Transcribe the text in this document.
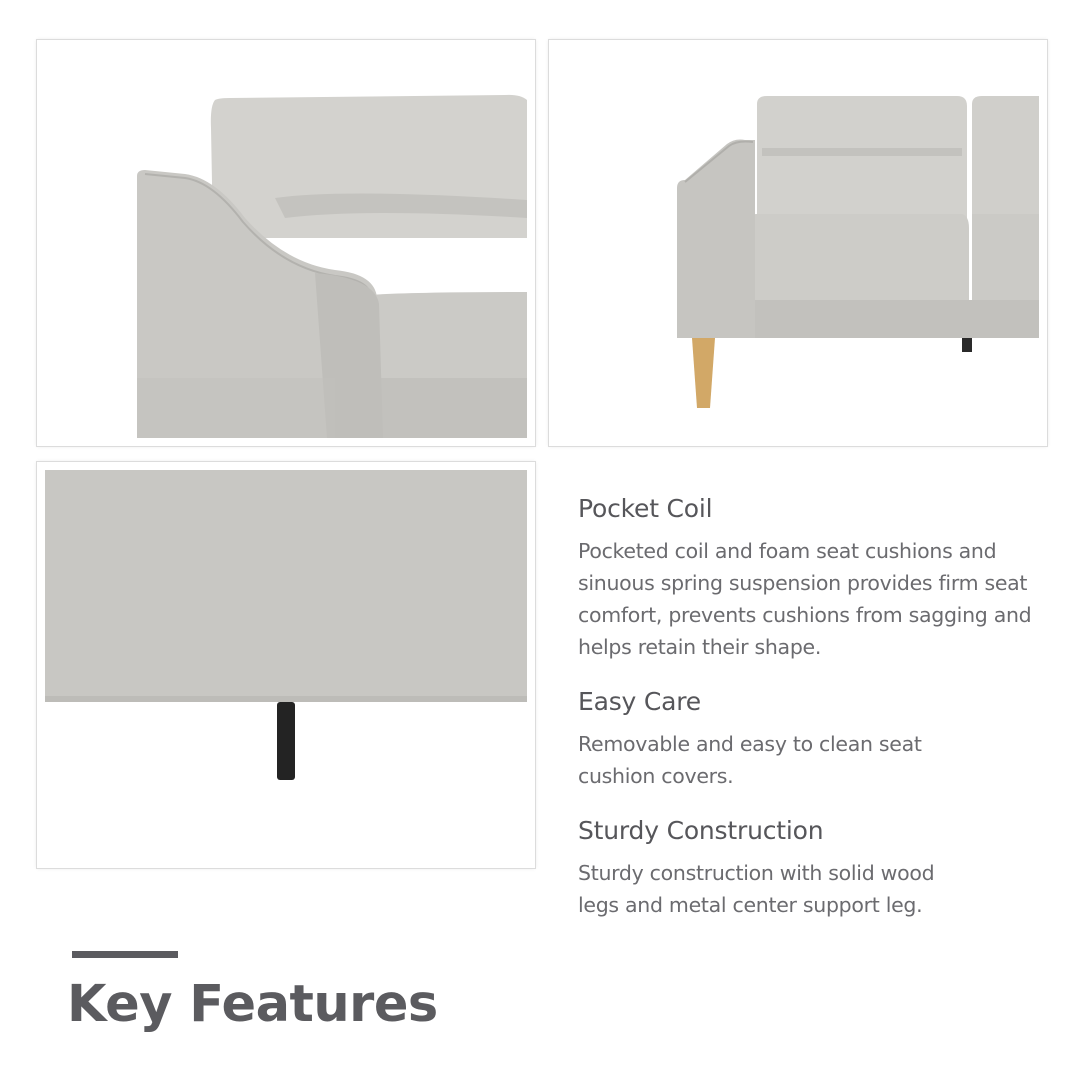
Pocket Coil

Pocketed coil and foam seat cushions and sinuous spring suspension provides firm seat comfort, prevents cushions from sagging and helps retain their shape.

Easy Care

Removable and easy to clean seat cushion covers.

Sturdy Construction

Sturdy construction with solid wood legs and metal center support leg.

Key Features
